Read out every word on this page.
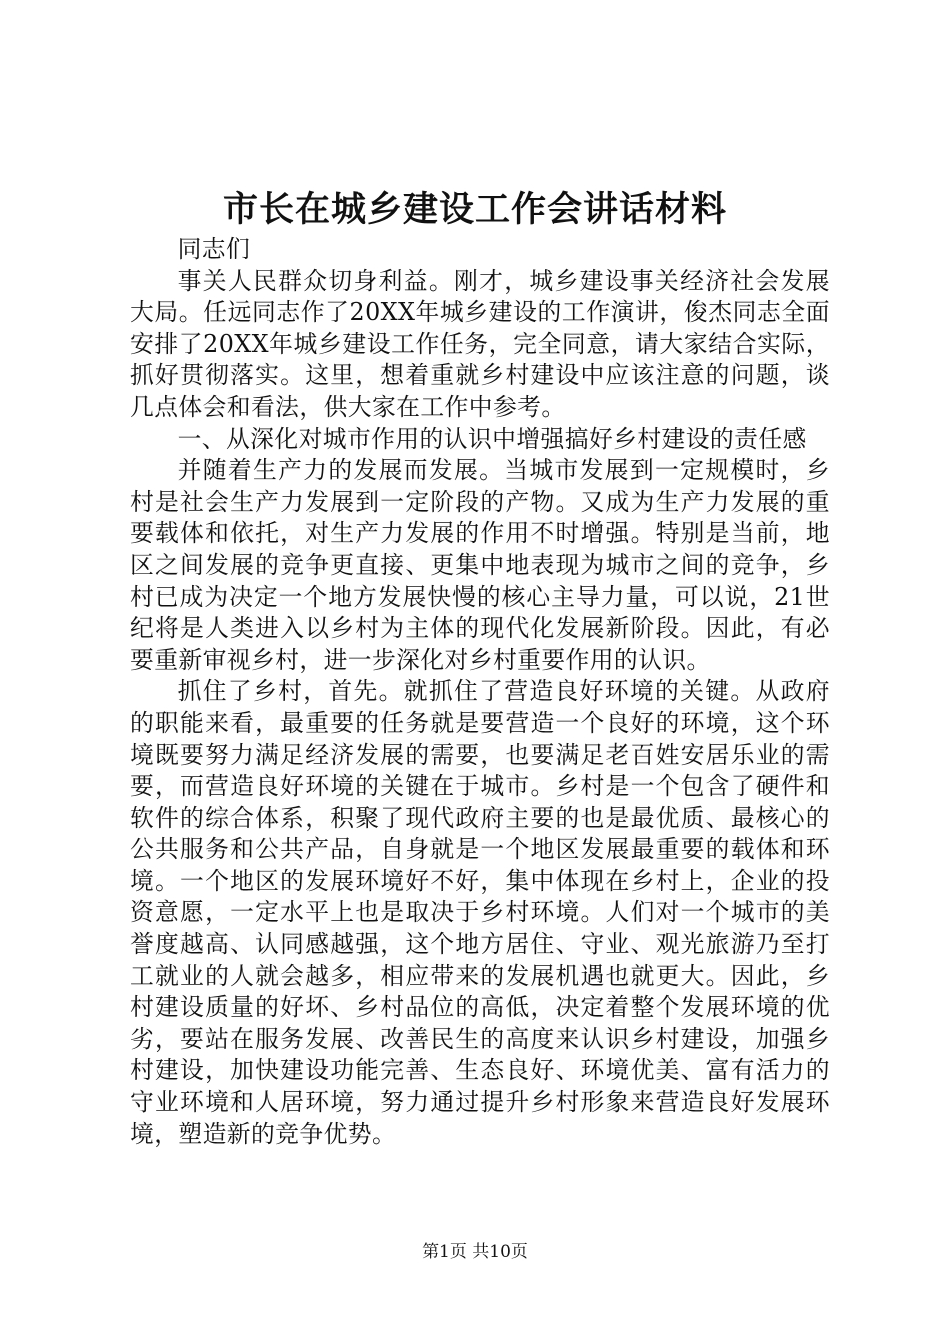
市长在城乡建设工作会讲话材料

同志们

事关人民群众切身利益。刚才，城乡建设事关经济社会发展大局。任远同志作了20XX年城乡建设的工作演讲，俊杰同志全面安排了20XX年城乡建设工作任务，完全同意，请大家结合实际，抓好贯彻落实。这里，想着重就乡村建设中应该注意的问题，谈几点体会和看法，供大家在工作中参考。

一、从深化对城市作用的认识中增强搞好乡村建设的责任感

并随着生产力的发展而发展。当城市发展到一定规模时，乡村是社会生产力发展到一定阶段的产物。又成为生产力发展的重要载体和依托，对生产力发展的作用不时增强。特别是当前，地区之间发展的竞争更直接、更集中地表现为城市之间的竞争，乡村已成为决定一个地方发展快慢的核心主导力量，可以说，21世纪将是人类进入以乡村为主体的现代化发展新阶段。因此，有必要重新审视乡村，进一步深化对乡村重要作用的认识。

抓住了乡村，首先。就抓住了营造良好环境的关键。从政府的职能来看，最重要的任务就是要营造一个良好的环境，这个环境既要努力满足经济发展的需要，也要满足老百姓安居乐业的需要，而营造良好环境的关键在于城市。乡村是一个包含了硬件和软件的综合体系，积聚了现代政府主要的也是最优质、最核心的公共服务和公共产品，自身就是一个地区发展最重要的载体和环境。一个地区的发展环境好不好，集中体现在乡村上，企业的投资意愿，一定水平上也是取决于乡村环境。人们对一个城市的美誉度越高、认同感越强，这个地方居住、守业、观光旅游乃至打工就业的人就会越多，相应带来的发展机遇也就更大。因此，乡村建设质量的好坏、乡村品位的高低，决定着整个发展环境的优劣，要站在服务发展、改善民生的高度来认识乡村建设，加强乡村建设，加快建设功能完善、生态良好、环境优美、富有活力的守业环境和人居环境，努力通过提升乡村形象来营造良好发展环境，塑造新的竞争优势。

第1页 共10页
